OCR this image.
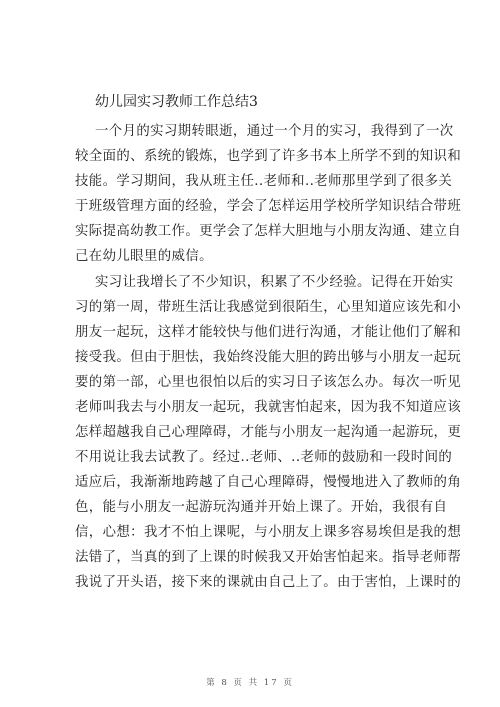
幼儿园实习教师工作总结3
一个月的实习期转眼逝，通过一个月的实习，我得到了一次
较全面的、系统的锻炼，也学到了许多书本上所学不到的知识和
技能。学习期间，我从班主任..老师和..老师那里学到了很多关
于班级管理方面的经验，学会了怎样运用学校所学知识结合带班
实际提高幼教工作。更学会了怎样大胆地与小朋友沟通、建立自
己在幼儿眼里的威信。
实习让我增长了不少知识，积累了不少经验。记得在开始实
习的第一周，带班生活让我感觉到很陌生，心里知道应该先和小
朋友一起玩，这样才能较快与他们进行沟通，才能让他们了解和
接受我。但由于胆怯，我始终没能大胆的跨出够与小朋友一起玩
要的第一部，心里也很怕以后的实习日子该怎么办。每次一听见
老师叫我去与小朋友一起玩，我就害怕起来，因为我不知道应该
怎样超越我自己心理障碍，才能与小朋友一起沟通一起游玩，更
不用说让我去试教了。经过..老师、..老师的鼓励和一段时间的
适应后，我渐渐地跨越了自己心理障碍，慢慢地进入了教师的角
色，能与小朋友一起游玩沟通并开始上课了。开始，我很有自
信，心想：我才不怕上课呢，与小朋友上课多容易埃但是我的想
法错了，当真的到了上课的时候我又开始害怕起来。指导老师帮
我说了开头语，接下来的课就由自己上了。由于害怕，上课时的
第 8 页 共 17 页
